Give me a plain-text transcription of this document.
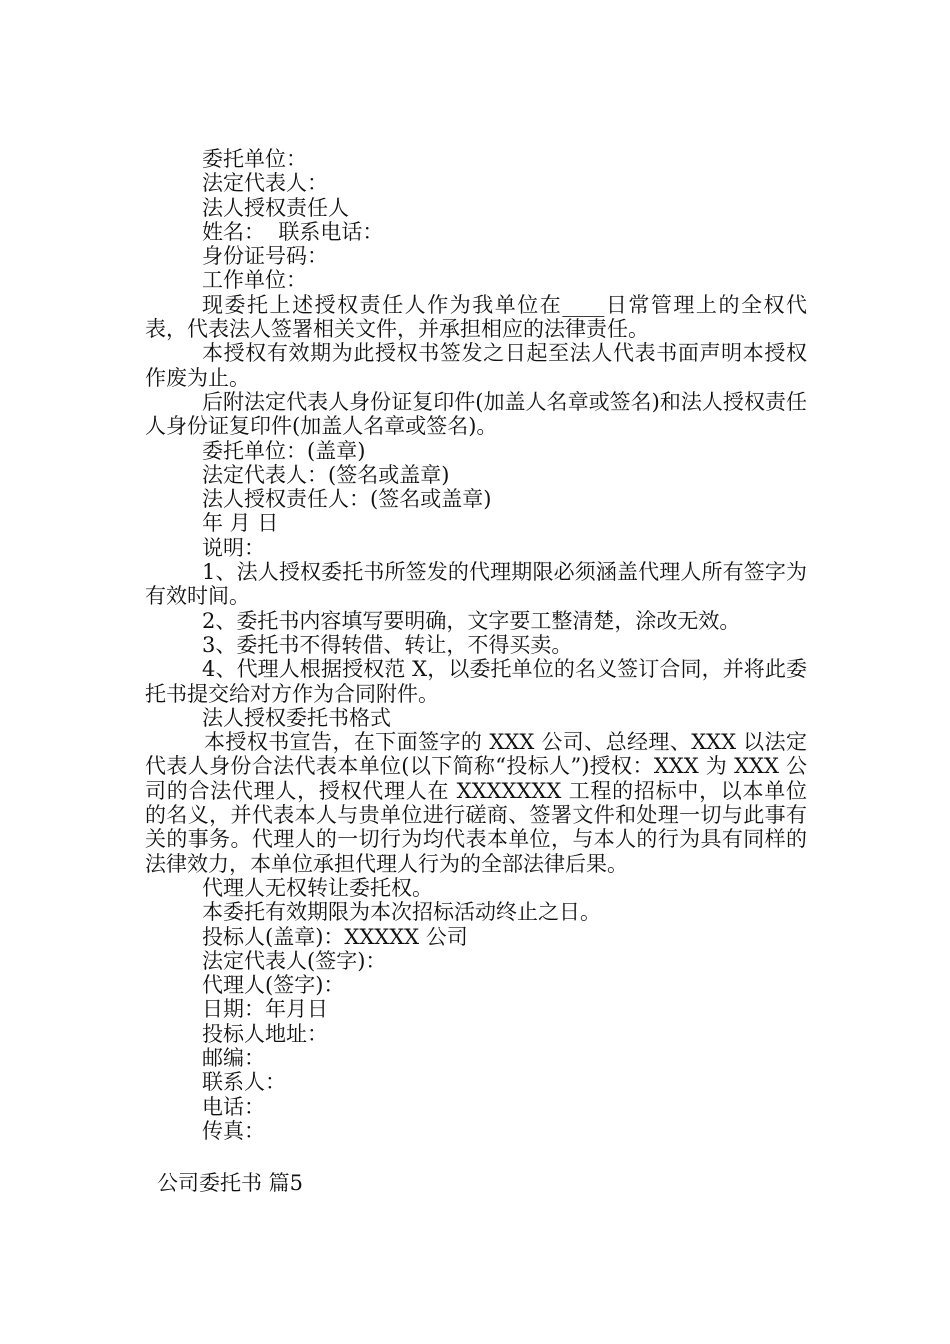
委托单位：

法定代表人：

法人授权责任人

姓名：  联系电话：

身份证号码：

工作单位：

现委托上述授权责任人作为我单位在____日常管理上的全权代表，代表法人签署相关文件，并承担相应的法律责任。

本授权有效期为此授权书签发之日起至法人代表书面声明本授权作废为止。

后附法定代表人身份证复印件(加盖人名章或签名)和法人授权责任人身份证复印件(加盖人名章或签名)。

委托单位：(盖章)

法定代表人：(签名或盖章)

法人授权责任人：(签名或盖章)

年 月 日

说明：

1、法人授权委托书所签发的代理期限必须涵盖代理人所有签字为有效时间。

2、委托书内容填写要明确，文字要工整清楚，涂改无效。

3、委托书不得转借、转让，不得买卖。

4、代理人根据授权范 X，以委托单位的名义签订合同，并将此委托书提交给对方作为合同附件。

法人授权委托书格式

本授权书宣告，在下面签字的 XXX 公司、总经理、XXX 以法定代表人身份合法代表本单位(以下简称“投标人”)授权：XXX 为 XXX 公司的合法代理人，授权代理人在 XXXXXXX 工程的招标中，以本单位的名义，并代表本人与贵单位进行磋商、签署文件和处理一切与此事有关的事务。代理人的一切行为均代表本单位，与本人的行为具有同样的法律效力，本单位承担代理人行为的全部法律后果。

代理人无权转让委托权。

本委托有效期限为本次招标活动终止之日。

投标人(盖章)：XXXXX 公司

法定代表人(签字)：

代理人(签字)：

日期：年月日

投标人地址：

邮编：

联系人：

电话：

传真：

公司委托书 篇5
